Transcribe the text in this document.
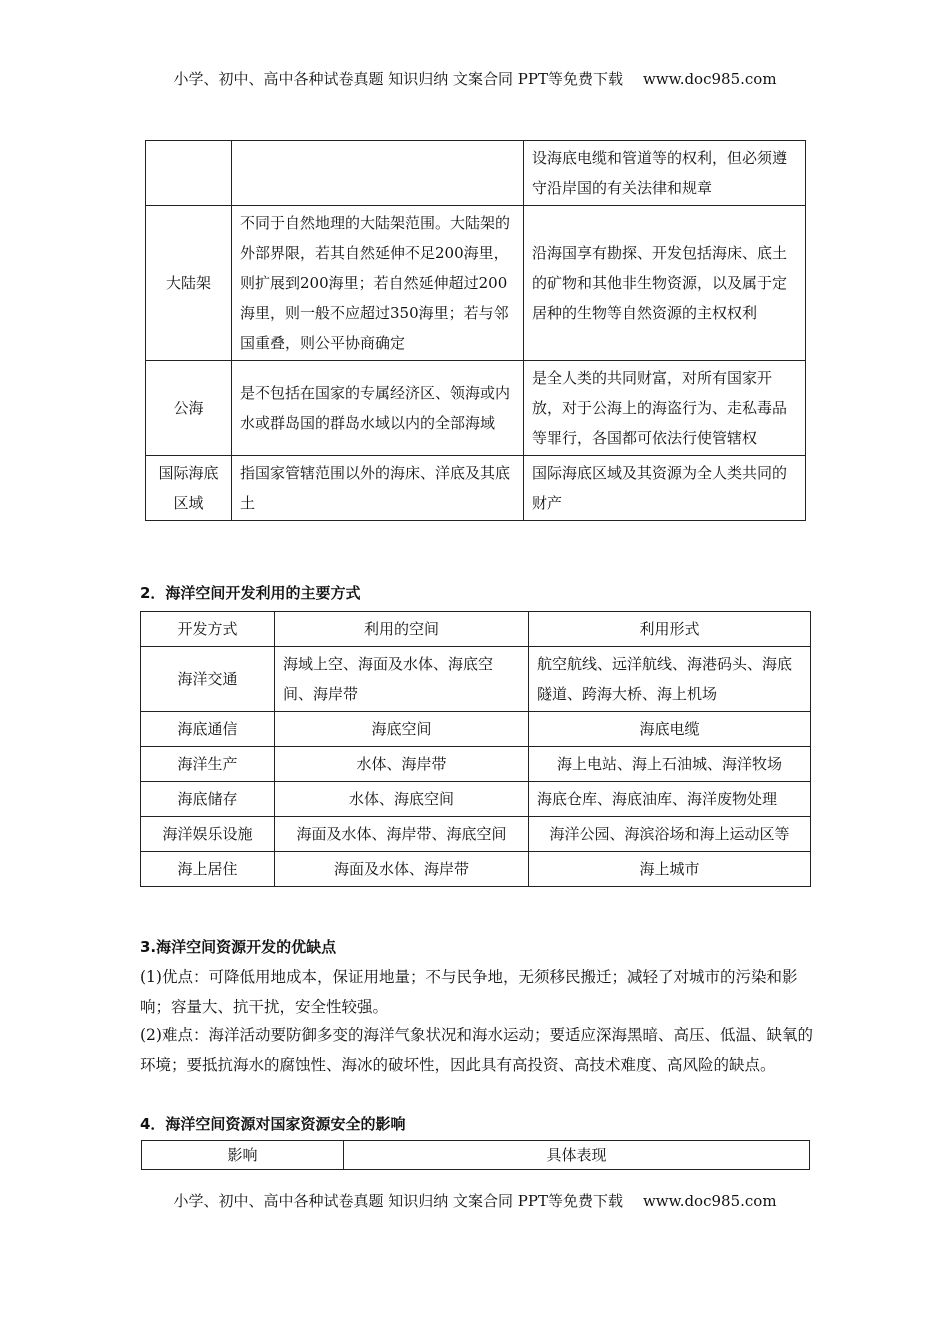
小学、初中、高中各种试卷真题 知识归纳 文案合同 PPT等免费下载 www.doc985.com
		设海底电缆和管道等的权利，但必须遵守沿岸国的有关法律和规章
大陆架	不同于自然地理的大陆架范围。大陆架的外部界限，若其自然延伸不足200海里，则扩展到200海里；若自然延伸超过200海里，则一般不应超过350海里；若与邻国重叠，则公平协商确定	沿海国享有勘探、开发包括海床、底土的矿物和其他非生物资源，以及属于定居种的生物等自然资源的主权权利
公海	是不包括在国家的专属经济区、领海或内水或群岛国的群岛水域以内的全部海域	是全人类的共同财富，对所有国家开放，对于公海上的海盗行为、走私毒品等罪行，各国都可依法行使管辖权
国际海底区域	指国家管辖范围以外的海床、洋底及其底土	国际海底区域及其资源为全人类共同的财产
2．海洋空间开发利用的主要方式
开发方式	利用的空间	利用形式
海洋交通	海域上空、海面及水体、海底空间、海岸带	航空航线、远洋航线、海港码头、海底隧道、跨海大桥、海上机场
海底通信	海底空间	海底电缆
海洋生产	水体、海岸带	海上电站、海上石油城、海洋牧场
海底储存	水体、海底空间	海底仓库、海底油库、海洋废物处理
海洋娱乐设施	海面及水体、海岸带、海底空间	海洋公园、海滨浴场和海上运动区等
海上居住	海面及水体、海岸带	海上城市
3.海洋空间资源开发的优缺点
(1)优点：可降低用地成本，保证用地量；不与民争地，无须移民搬迁；减轻了对城市的污染和影响；容量大、抗干扰，安全性较强。
(2)难点：海洋活动要防御多变的海洋气象状况和海水运动；要适应深海黑暗、高压、低温、缺氧的环境；要抵抗海水的腐蚀性、海冰的破坏性，因此具有高投资、高技术难度、高风险的缺点。
4．海洋空间资源对国家资源安全的影响
影响	具体表现
小学、初中、高中各种试卷真题 知识归纳 文案合同 PPT等免费下载 www.doc985.com
